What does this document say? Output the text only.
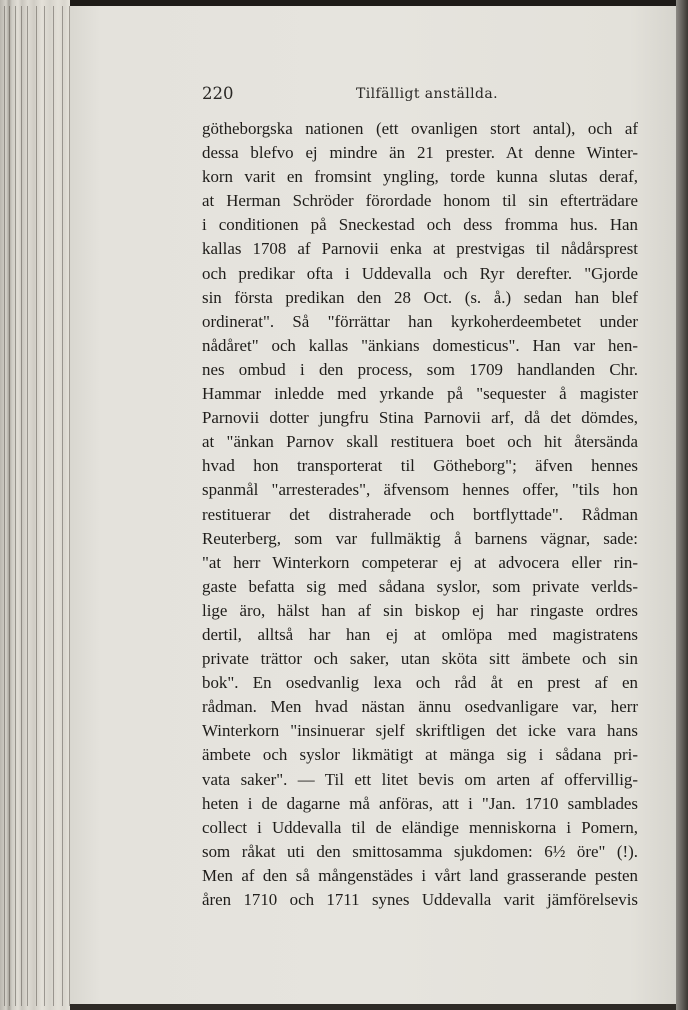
220	Tilfälligt anställda.
götheborgska nationen (ett ovanligen stort antal), och af
dessa blefvo ej mindre än 21 prester. At denne Winter-
korn varit en fromsint yngling, torde kunna slutas deraf,
at Herman Schröder förordade honom til sin efterträdare
i conditionen på Sneckestad och dess fromma hus. Han
kallas 1708 af Parnovii enka at prestvigas til nådårsprest
och predikar ofta i Uddevalla och Ryr derefter. "Gjorde
sin första predikan den 28 Oct. (s. å.) sedan han blef
ordinerat". Så "förrättar han kyrkoherdeembetet under
nådåret" och kallas "änkians domesticus". Han var hen-
nes ombud i den process, som 1709 handlanden Chr.
Hammar inledde med yrkande på "sequester å magister
Parnovii dotter jungfru Stina Parnovii arf, då det dömdes,
at "änkan Parnov skall restituera boet och hit återsända
hvad hon transporterat til Götheborg"; äfven hennes
spanmål "arresterades", äfvensom hennes offer, "tils hon
restituerar det distraherade och bortflyttade". Rådman
Reuterberg, som var fullmäktig å barnens vägnar, sade:
"at herr Winterkorn competerar ej at advocera eller rin-
gaste befatta sig med sådana syslor, som private verlds-
lige äro, hälst han af sin biskop ej har ringaste ordres
dertil, alltså har han ej at omlöpa med magistratens
private trättor och saker, utan sköta sitt ämbete och sin
bok". En osedvanlig lexa och råd åt en prest af en
rådman. Men hvad nästan ännu osedvanligare var, herr
Winterkorn "insinuerar sjelf skriftligen det icke vara hans
ämbete och syslor likmätigt at mänga sig i sådana pri-
vata saker". — Til ett litet bevis om arten af offervillig-
heten i de dagarne må anföras, att i "Jan. 1710 samblades
collect i Uddevalla til de eländige menniskorna i Pomern,
som råkat uti den smittosamma sjukdomen: 6½ öre" (!).
Men af den så mångenstädes i vårt land grasserande pesten
åren 1710 och 1711 synes Uddevalla varit jämförelsevis
